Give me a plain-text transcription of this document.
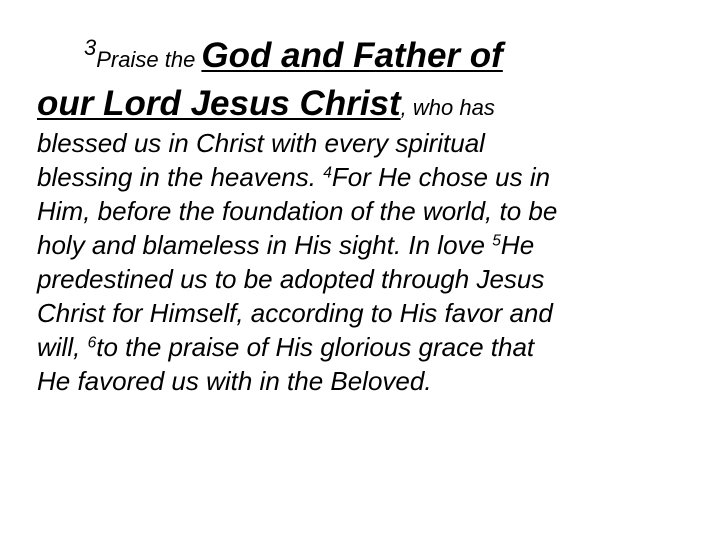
$^3$Praise the God and Father of
our Lord Jesus Christ, who has
blessed us in Christ with every spiritual
blessing in the heavens. $^4$For He chose us in
Him, before the foundation of the world, to be
holy and blameless in His sight. In love $^5$He
predestined us to be adopted through Jesus
Christ for Himself, according to His favor and
will, $^6$to the praise of His glorious grace that
He favored us with in the Beloved.
